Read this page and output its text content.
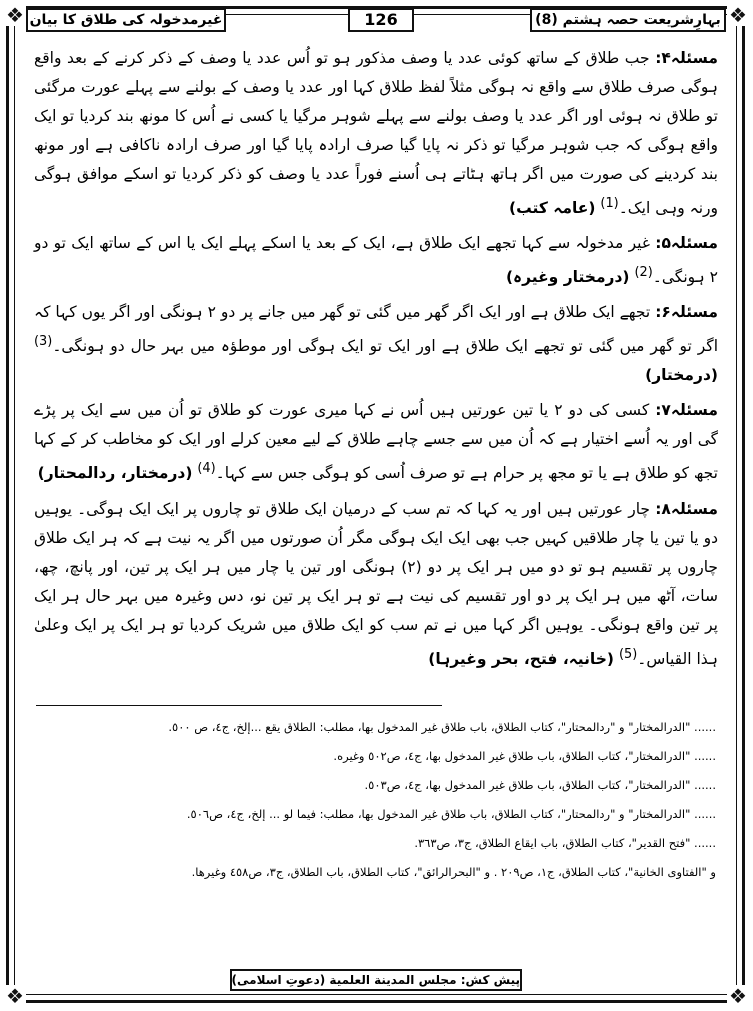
❖	❖
❖	❖
بہارِشریعت حصہ ہشتم (8)
126
غیرمدخولہ کی طلاق کا بیان

مسئلہ۴: جب طلاق کے ساتھ کوئی عدد یا وصف مذکور ہو تو اُس عدد یا وصف کے ذکر کرنے کے بعد واقع ہوگی صرف طلاق سے واقع نہ ہوگی مثلاً لفظ طلاق کہا اور عدد یا وصف کے بولنے سے پہلے عورت مرگئی تو طلاق نہ ہوئی اور اگر عدد یا وصف بولنے سے پہلے شوہر مرگیا یا کسی نے اُس کا مونھ بند کردیا تو ایک واقع ہوگی کہ جب شوہر مرگیا تو ذکر نہ پایا گیا صرف ارادہ پایا گیا اور صرف ارادہ ناکافی ہے اور مونھ بند کردینے کی صورت میں اگر ہاتھ ہٹاتے ہی اُسنے فوراً عدد یا وصف کو ذکر کردیا تو اسکے موافق ہوگی ورنہ وہی ایک۔$^{(1)}$ (عامہ کتب)

مسئلہ۵: غیر مدخولہ سے کہا تجھے ایک طلاق ہے، ایک کے بعد یا اسکے پہلے ایک یا اس کے ساتھ ایک تو دو ۲ ہونگی۔$^{(2)}$ (درمختار وغیرہ)

مسئلہ۶: تجھے ایک طلاق ہے اور ایک اگر گھر میں گئی تو گھر میں جانے پر دو ۲ ہونگی اور اگر یوں کہا کہ اگر تو گھر میں گئی تو تجھے ایک طلاق ہے اور ایک تو ایک ہوگی اور موطؤہ میں بہر حال دو ہونگی۔$^{(3)}$ (درمختار)

مسئلہ۷: کسی کی دو ۲ یا تین عورتیں ہیں اُس نے کہا میری عورت کو طلاق تو اُن میں سے ایک پر پڑے گی اور یہ اُسے اختیار ہے کہ اُن میں سے جسے چاہے طلاق کے لیے معین کرلے اور ایک کو مخاطب کر کے کہا تجھ کو طلاق ہے یا تو مجھ پر حرام ہے تو صرف اُسی کو ہوگی جس سے کہا۔$^{(4)}$ (درمختار، ردالمحتار)

مسئلہ۸: چار عورتیں ہیں اور یہ کہا کہ تم سب کے درمیان ایک طلاق تو چاروں پر ایک ایک ہوگی۔ یوہیں دو یا تین یا چار طلاقیں کہیں جب بھی ایک ایک ہوگی مگر اُن صورتوں میں اگر یہ نیت ہے کہ ہر ایک طلاق چاروں پر تقسیم ہو تو دو میں ہر ایک پر دو (۲) ہونگی اور تین یا چار میں ہر ایک پر تین، اور پانچ، چھ، سات، آٹھ میں ہر ایک پر دو اور تقسیم کی نیت ہے تو ہر ایک پر تین نو، دس وغیرہ میں بہر حال ہر ایک پر تین واقع ہونگی۔ یوہیں اگر کہا میں نے تم سب کو ایک طلاق میں شریک کردیا تو ہر ایک پر ایک وعلیٰ ہذا القیاس۔$^{(5)}$ (خانیہ، فتح، بحر وغیرہا)

...... "الدرالمختار" و "ردالمحتار"، كتاب الطلاق، باب طلاق غير المدخول بها، مطلب: الطلاق يقع ...إلخ، ج٤، ص ٥٠٠.
...... "الدرالمختار"، كتاب الطلاق، باب طلاق غير المدخول بها، ج٤، ص٥٠٢ وغيره.
...... "الدرالمختار"، كتاب الطلاق، باب طلاق غير المدخول بها، ج٤، ص٥٠٣.
...... "الدرالمختار" و "ردالمحتار"، كتاب الطلاق، باب طلاق غير المدخول بها، مطلب: فيما لو ... إلخ، ج٤، ص٥٠٦.
...... "فتح القدير"، كتاب الطلاق، باب ايقاع الطلاق، ج٣، ص٣٦٣.
و "الفتاوى الخانية"، كتاب الطلاق، ج١، ص٢٠٩ . و "البحرالرائق"، كتاب الطلاق، باب الطلاق، ج٣، ص٤٥٨ وغيرها.
پیش کش: مجلس المدينة العلمية (دعوتِ اسلامی)
